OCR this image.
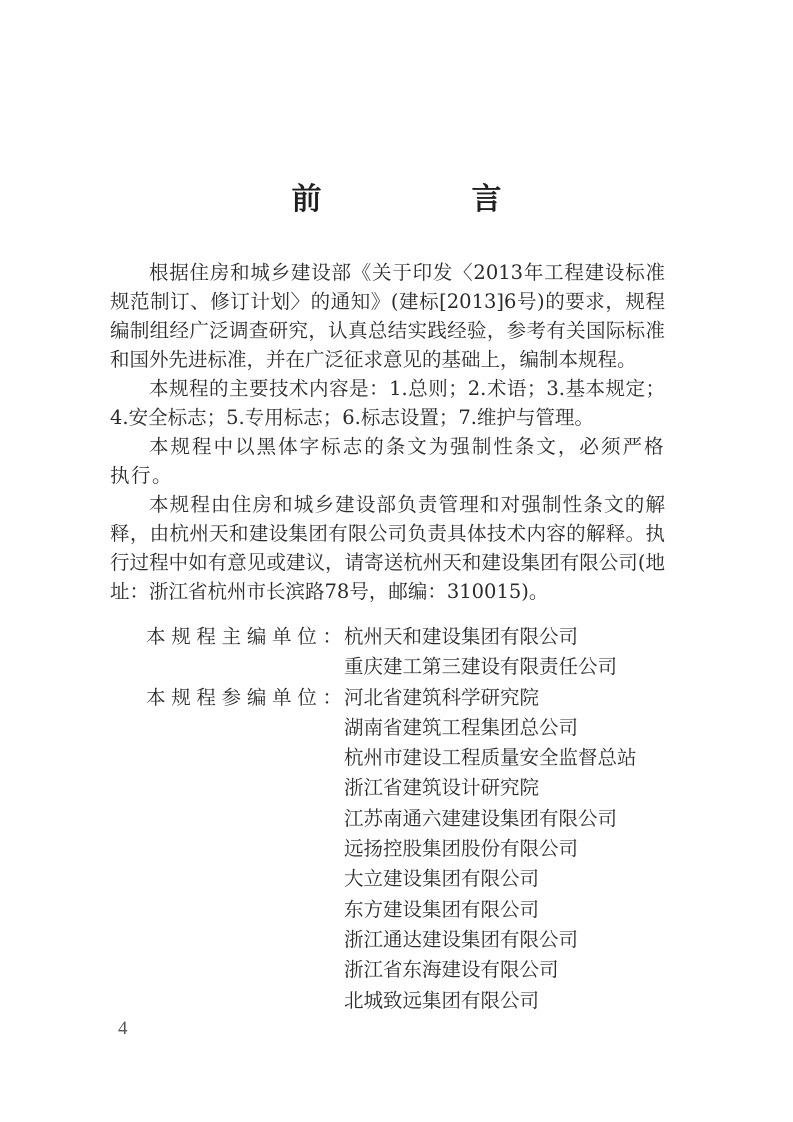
前　言

根据住房和城乡建设部《关于印发〈2013年工程建设标准规范制订、修订计划〉的通知》(建标[2013]6号)的要求，规程编制组经广泛调查研究，认真总结实践经验，参考有关国际标准和国外先进标准，并在广泛征求意见的基础上，编制本规程。

本规程的主要技术内容是：1.总则；2.术语；3.基本规定；4.安全标志；5.专用标志；6.标志设置；7.维护与管理。

本规程中以黑体字标志的条文为强制性条文，必须严格执行。

本规程由住房和城乡建设部负责管理和对强制性条文的解释，由杭州天和建设集团有限公司负责具体技术内容的解释。执行过程中如有意见或建议，请寄送杭州天和建设集团有限公司(地址：浙江省杭州市长滨路78号，邮编：310015)。

本规程主编单位： 杭州天和建设集团有限公司
重庆建工第三建设有限责任公司
本规程参编单位： 河北省建筑科学研究院
湖南省建筑工程集团总公司
杭州市建设工程质量安全监督总站
浙江省建筑设计研究院
江苏南通六建建设集团有限公司
远扬控股集团股份有限公司
大立建设集团有限公司
东方建设集团有限公司
浙江通达建设集团有限公司
浙江省东海建设有限公司
北城致远集团有限公司
4
